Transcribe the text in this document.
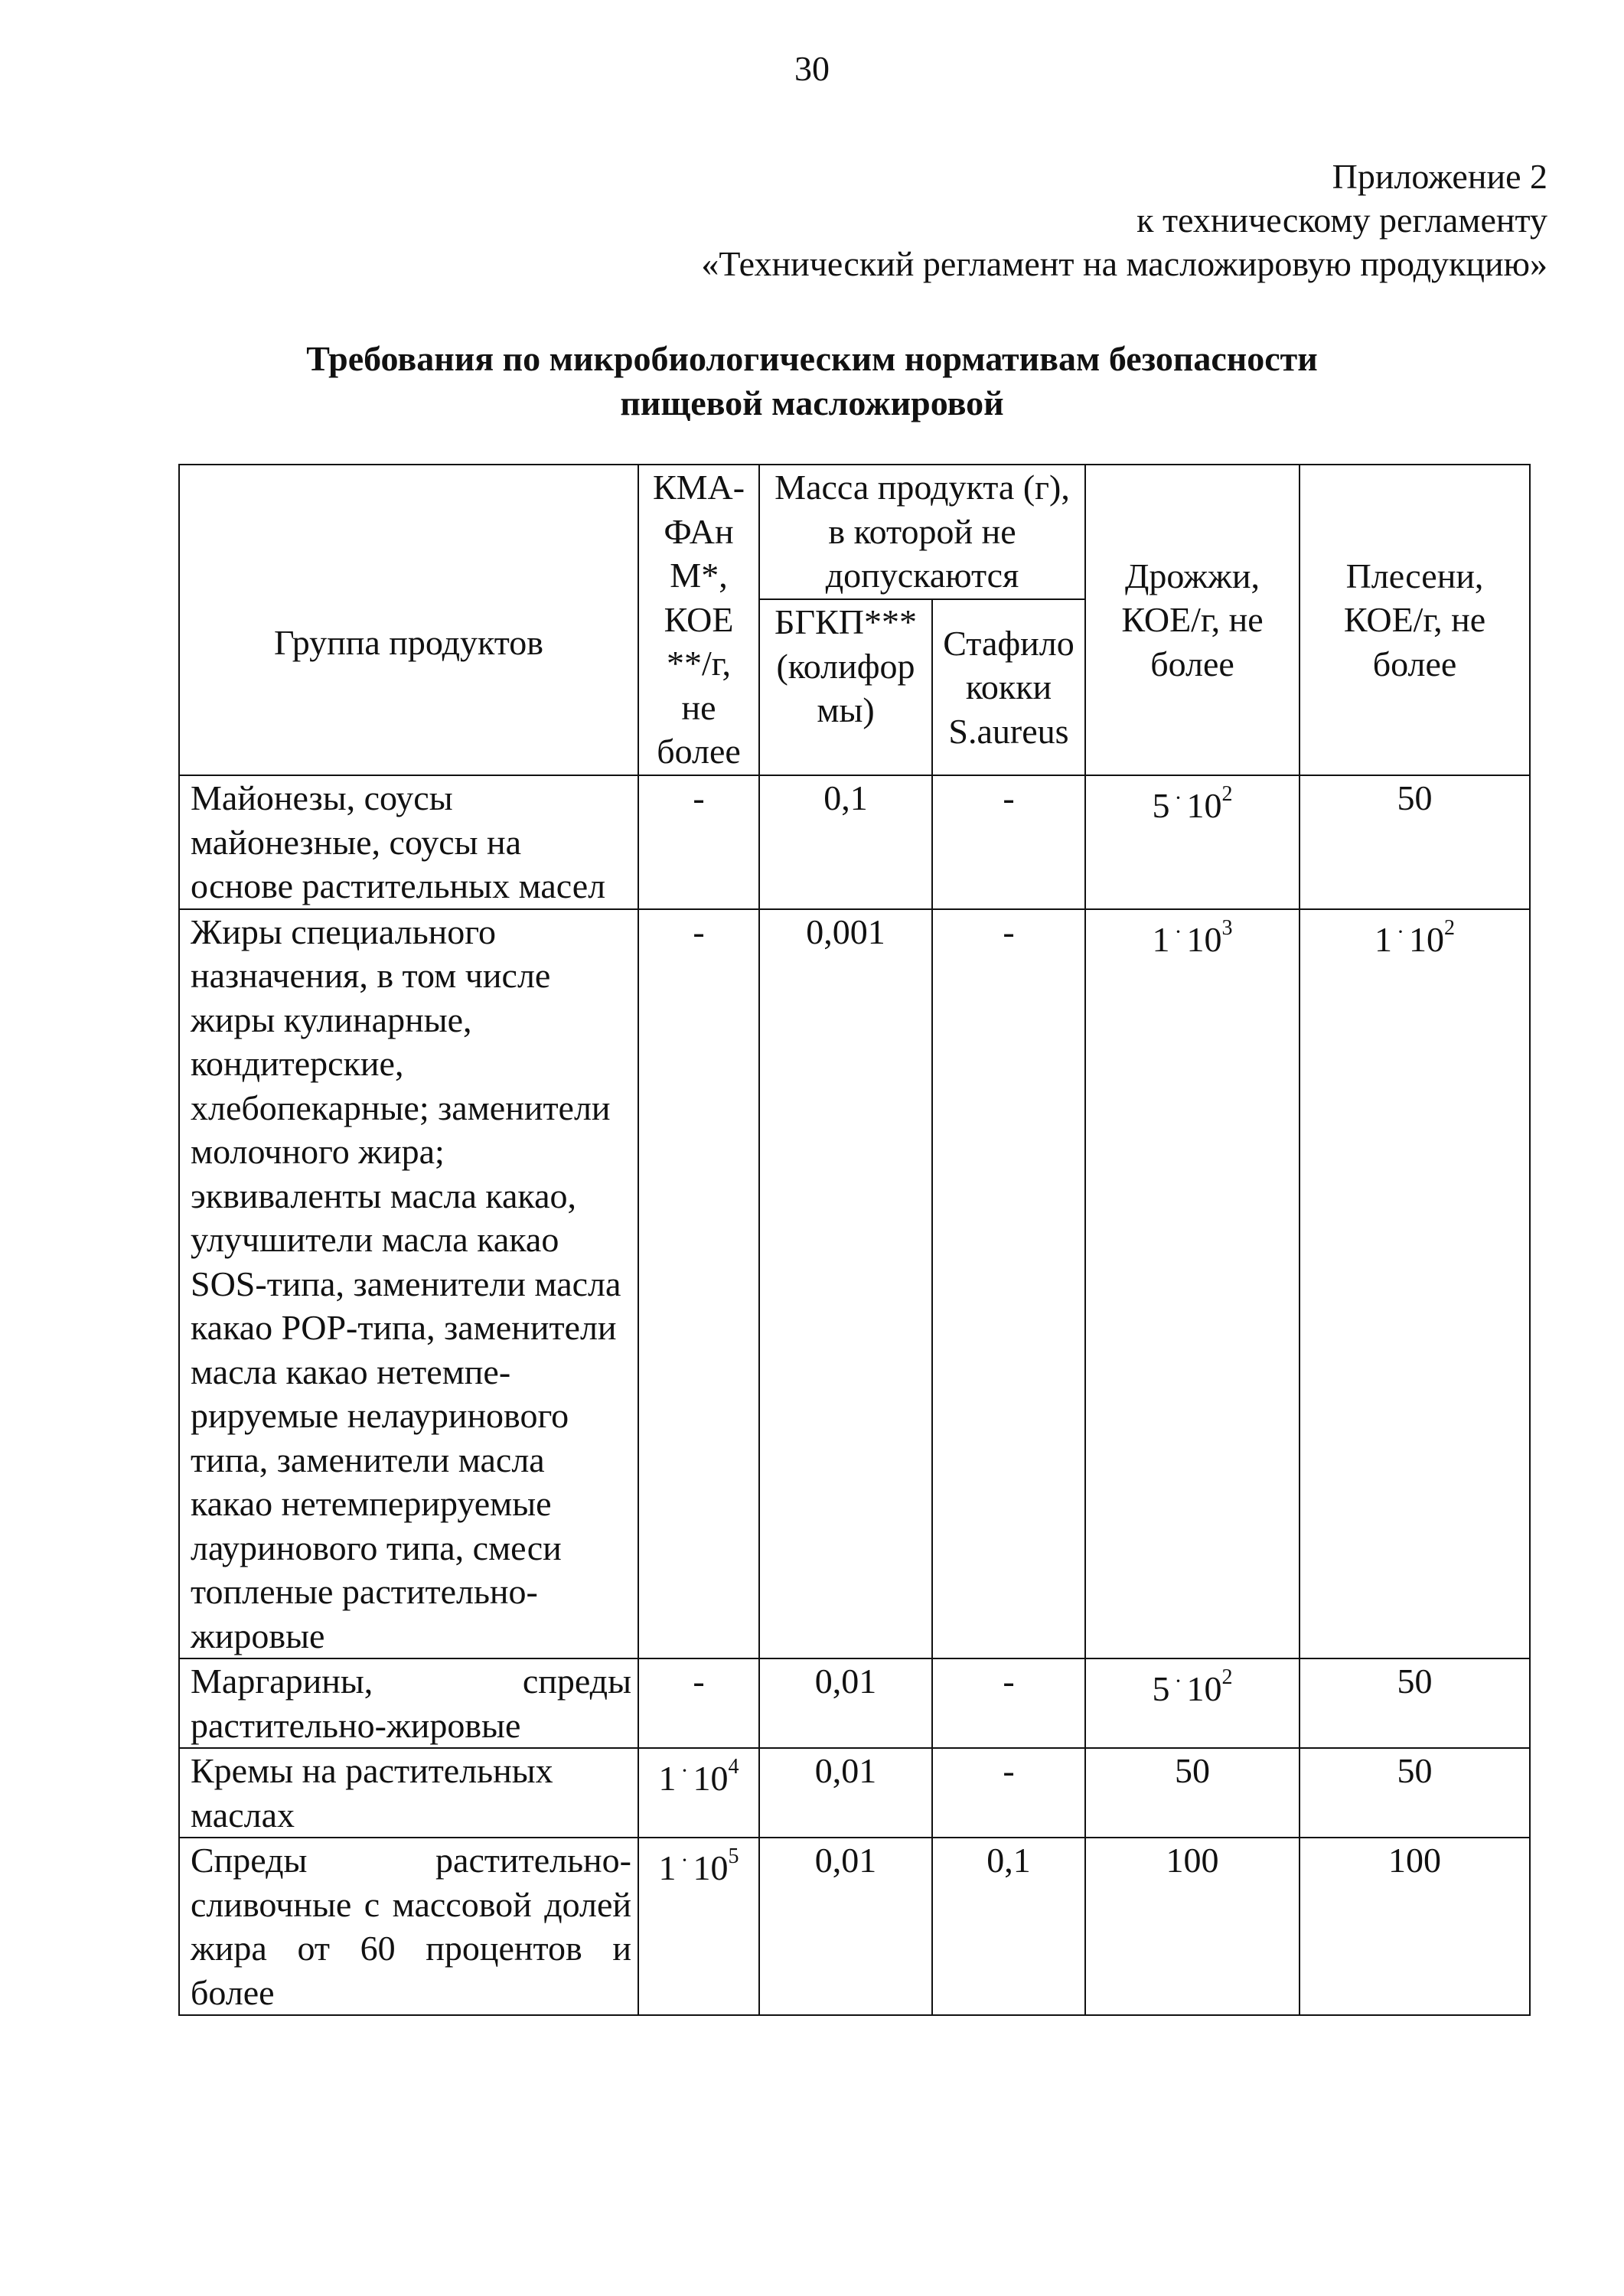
30
Приложение 2
к техническому регламенту
«Технический регламент на масложировую продукцию»
Требования по микробиологическим нормативам безопасности
пищевой масложировой
Группа продуктов	КМА-ФАн М*, КОЕ **/г, не более	Масса продукта (г), в которой не допускаются		Дрожжи, КОЕ/г, не более	Плесени, КОЕ/г, не более
		БГКП*** (колиформы)	Стафилококки S.aureus		
Майонезы, соусы майонезные, соусы на основе растительных масел	-	0,1	-	$5 \cdot 10^2$	50
Жиры специального назначения, в том числе жиры кулинарные, кондитерские, хлебопекарные; заменители молочного жира; эквиваленты масла какао, улучшители масла какао SOS-типа, заменители масла какао POP-типа, заменители масла какао нетемпе-рируемые нелауринового типа, заменители масла какао нетемперируемые лауринового типа, смеси топленые растительно-жировые	-	0,001	-	$1 \cdot 10^3$	$1 \cdot 10^2$
Маргарины, спреды растительно-жировые	-	0,01	-	$5 \cdot 10^2$	50
Кремы на растительных маслах	$1 \cdot 10^4$	0,01	-	50	50
Спреды растительно-сливочные с массовой долей жира от 60 процентов и более	$1 \cdot 10^5$	0,01	0,1	100	100
